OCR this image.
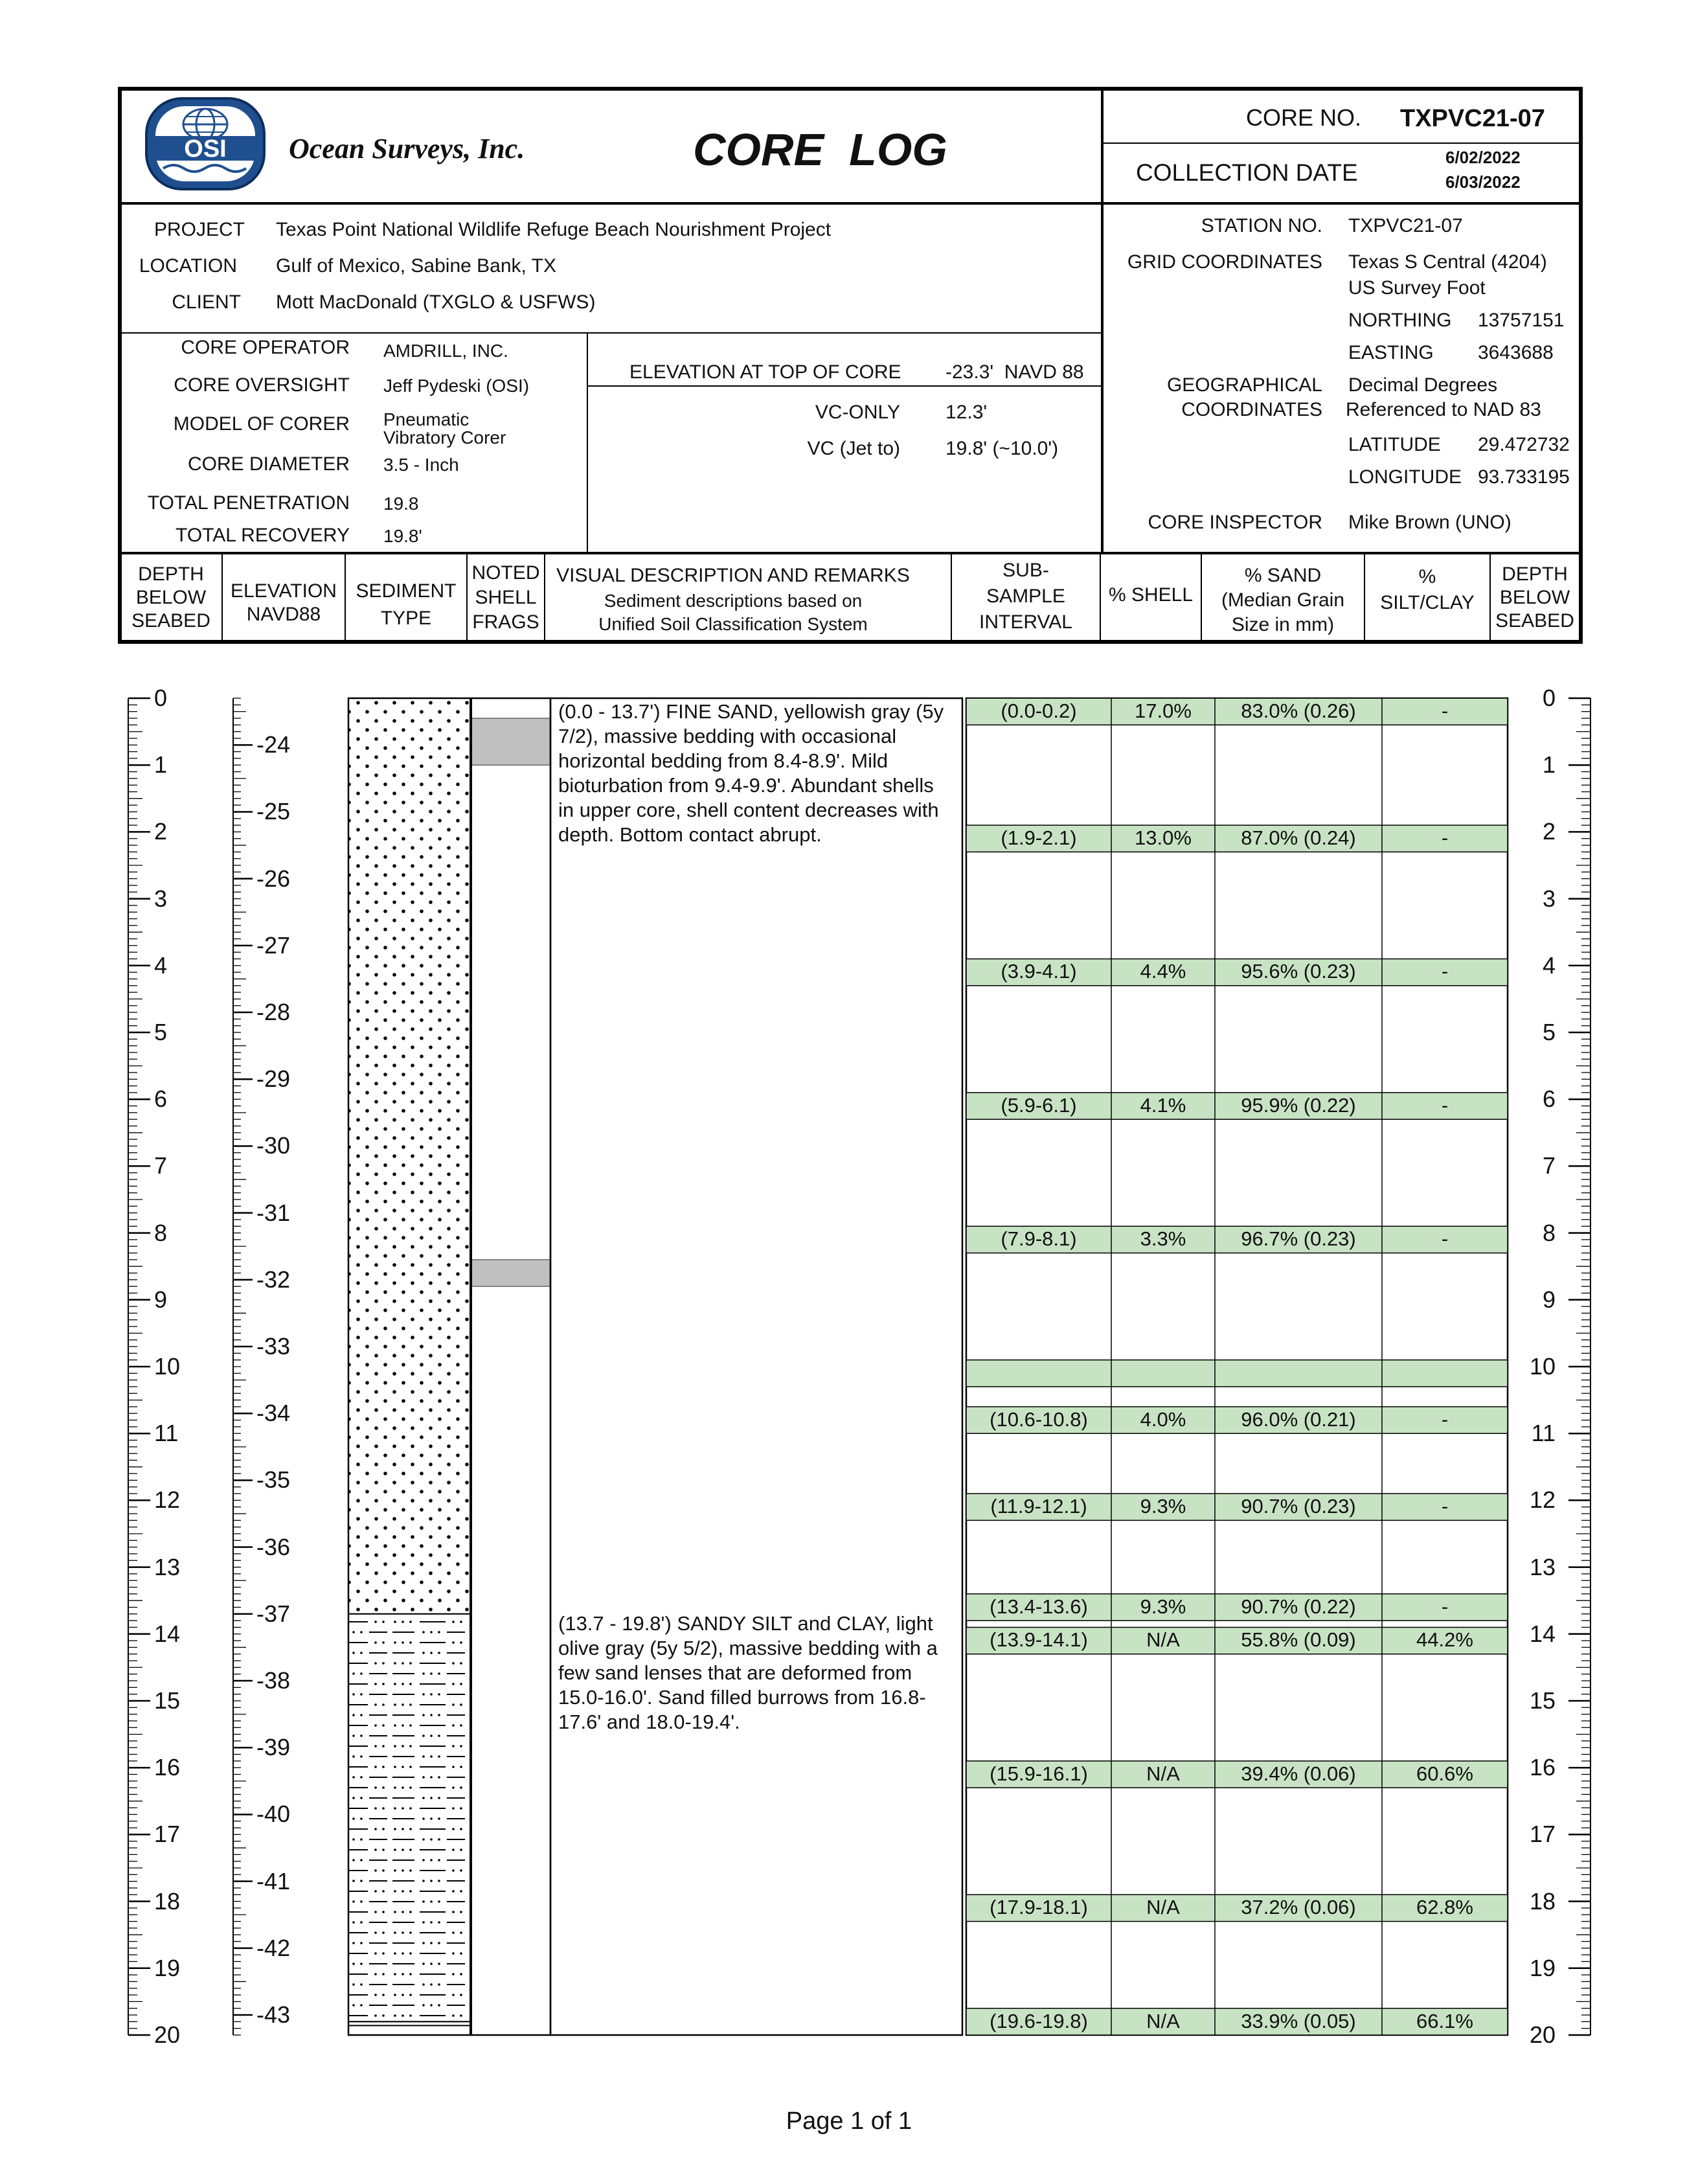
OSI Ocean Surveys, Inc.	CORE  LOG
CORE NO. TXPVC21-07
COLLECTION DATE
6/02/2022
6/03/2022
PROJECT Texas Point National Wildlife Refuge Beach Nourishment Project
LOCATION Gulf of Mexico, Sabine Bank, TX
CLIENT Mott MacDonald (TXGLO & USFWS)
STATION NO. TXPVC21-07
GRID COORDINATES Texas S Central (4204)
US Survey Foot
NORTHING 13757151
EASTING 3643688
GEOGRAPHICAL
COORDINATES
Decimal Degrees
Referenced to NAD 83
LATITUDE 29.472732
LONGITUDE 93.733195
CORE INSPECTOR Mike Brown (UNO)
CORE OPERATOR AMDRILL, INC.
CORE OVERSIGHT Jeff Pydeski (OSI)
MODEL OF CORER Pneumatic
Vibratory Corer
CORE DIAMETER 3.5 - Inch
TOTAL PENETRATION 19.8
TOTAL RECOVERY 19.8'
ELEVATION AT TOP OF CORE -23.3'  NAVD 88
VC-ONLY 12.3'
VC (Jet to) 19.8' (~10.0')
DEPTH
BELOW
SEABED
ELEVATION
NAVD88
SEDIMENT
TYPE
NOTED
SHELL
FRAGS
VISUAL DESCRIPTION AND REMARKS
Sediment descriptions based on
Unified Soil Classification System
SUB-
SAMPLE
INTERVAL
% SHELL
% SAND
(Median Grain
Size in mm)
%
SILT/CLAY
DEPTH
BELOW
SEABED
0
1
2
3
4
5
6
7
8
9
10
11
12
13
14
15
16
17
18
19
20
0
1
2
3
4
5
6
7
8
9
10
11
12
13
14
15
16
17
18
19
20
-24
-25
-26
-27
-28
-29
-30
-31
-32
-33
-34
-35
-36
-37
-38
-39
-40
-41
-42
-43
(0.0 - 13.7') FINE SAND, yellowish gray (5y 7/2), massive bedding with occasional horizontal bedding from 8.4-8.9'. Mild bioturbation from 9.4-9.9'. Abundant shells in upper core, shell content decreases with depth. Bottom contact abrupt.
(13.7 - 19.8') SANDY SILT and CLAY, light olive gray (5y 5/2), massive bedding with a few sand lenses that are deformed from 15.0-16.0'. Sand filled burrows from 16.8-17.6' and 18.0-19.4'.
(0.0-0.2)	17.0%	83.0% (0.26)	-
(1.9-2.1)	13.0%	87.0% (0.24)	-
(3.9-4.1)	4.4%	95.6% (0.23)	-
(5.9-6.1)	4.1%	95.9% (0.22)	-
(7.9-8.1)	3.3%	96.7% (0.23)	-
(10.6-10.8)	4.0%	96.0% (0.21)	-
(11.9-12.1)	9.3%	90.7% (0.23)	-
(13.4-13.6)	9.3%	90.7% (0.22)	-
(13.9-14.1)	N/A	55.8% (0.09)	44.2%
(15.9-16.1)	N/A	39.4% (0.06)	60.6%
(17.9-18.1)	N/A	37.2% (0.06)	62.8%
(19.6-19.8)	N/A	33.9% (0.05)	66.1%
Page 1 of 1
